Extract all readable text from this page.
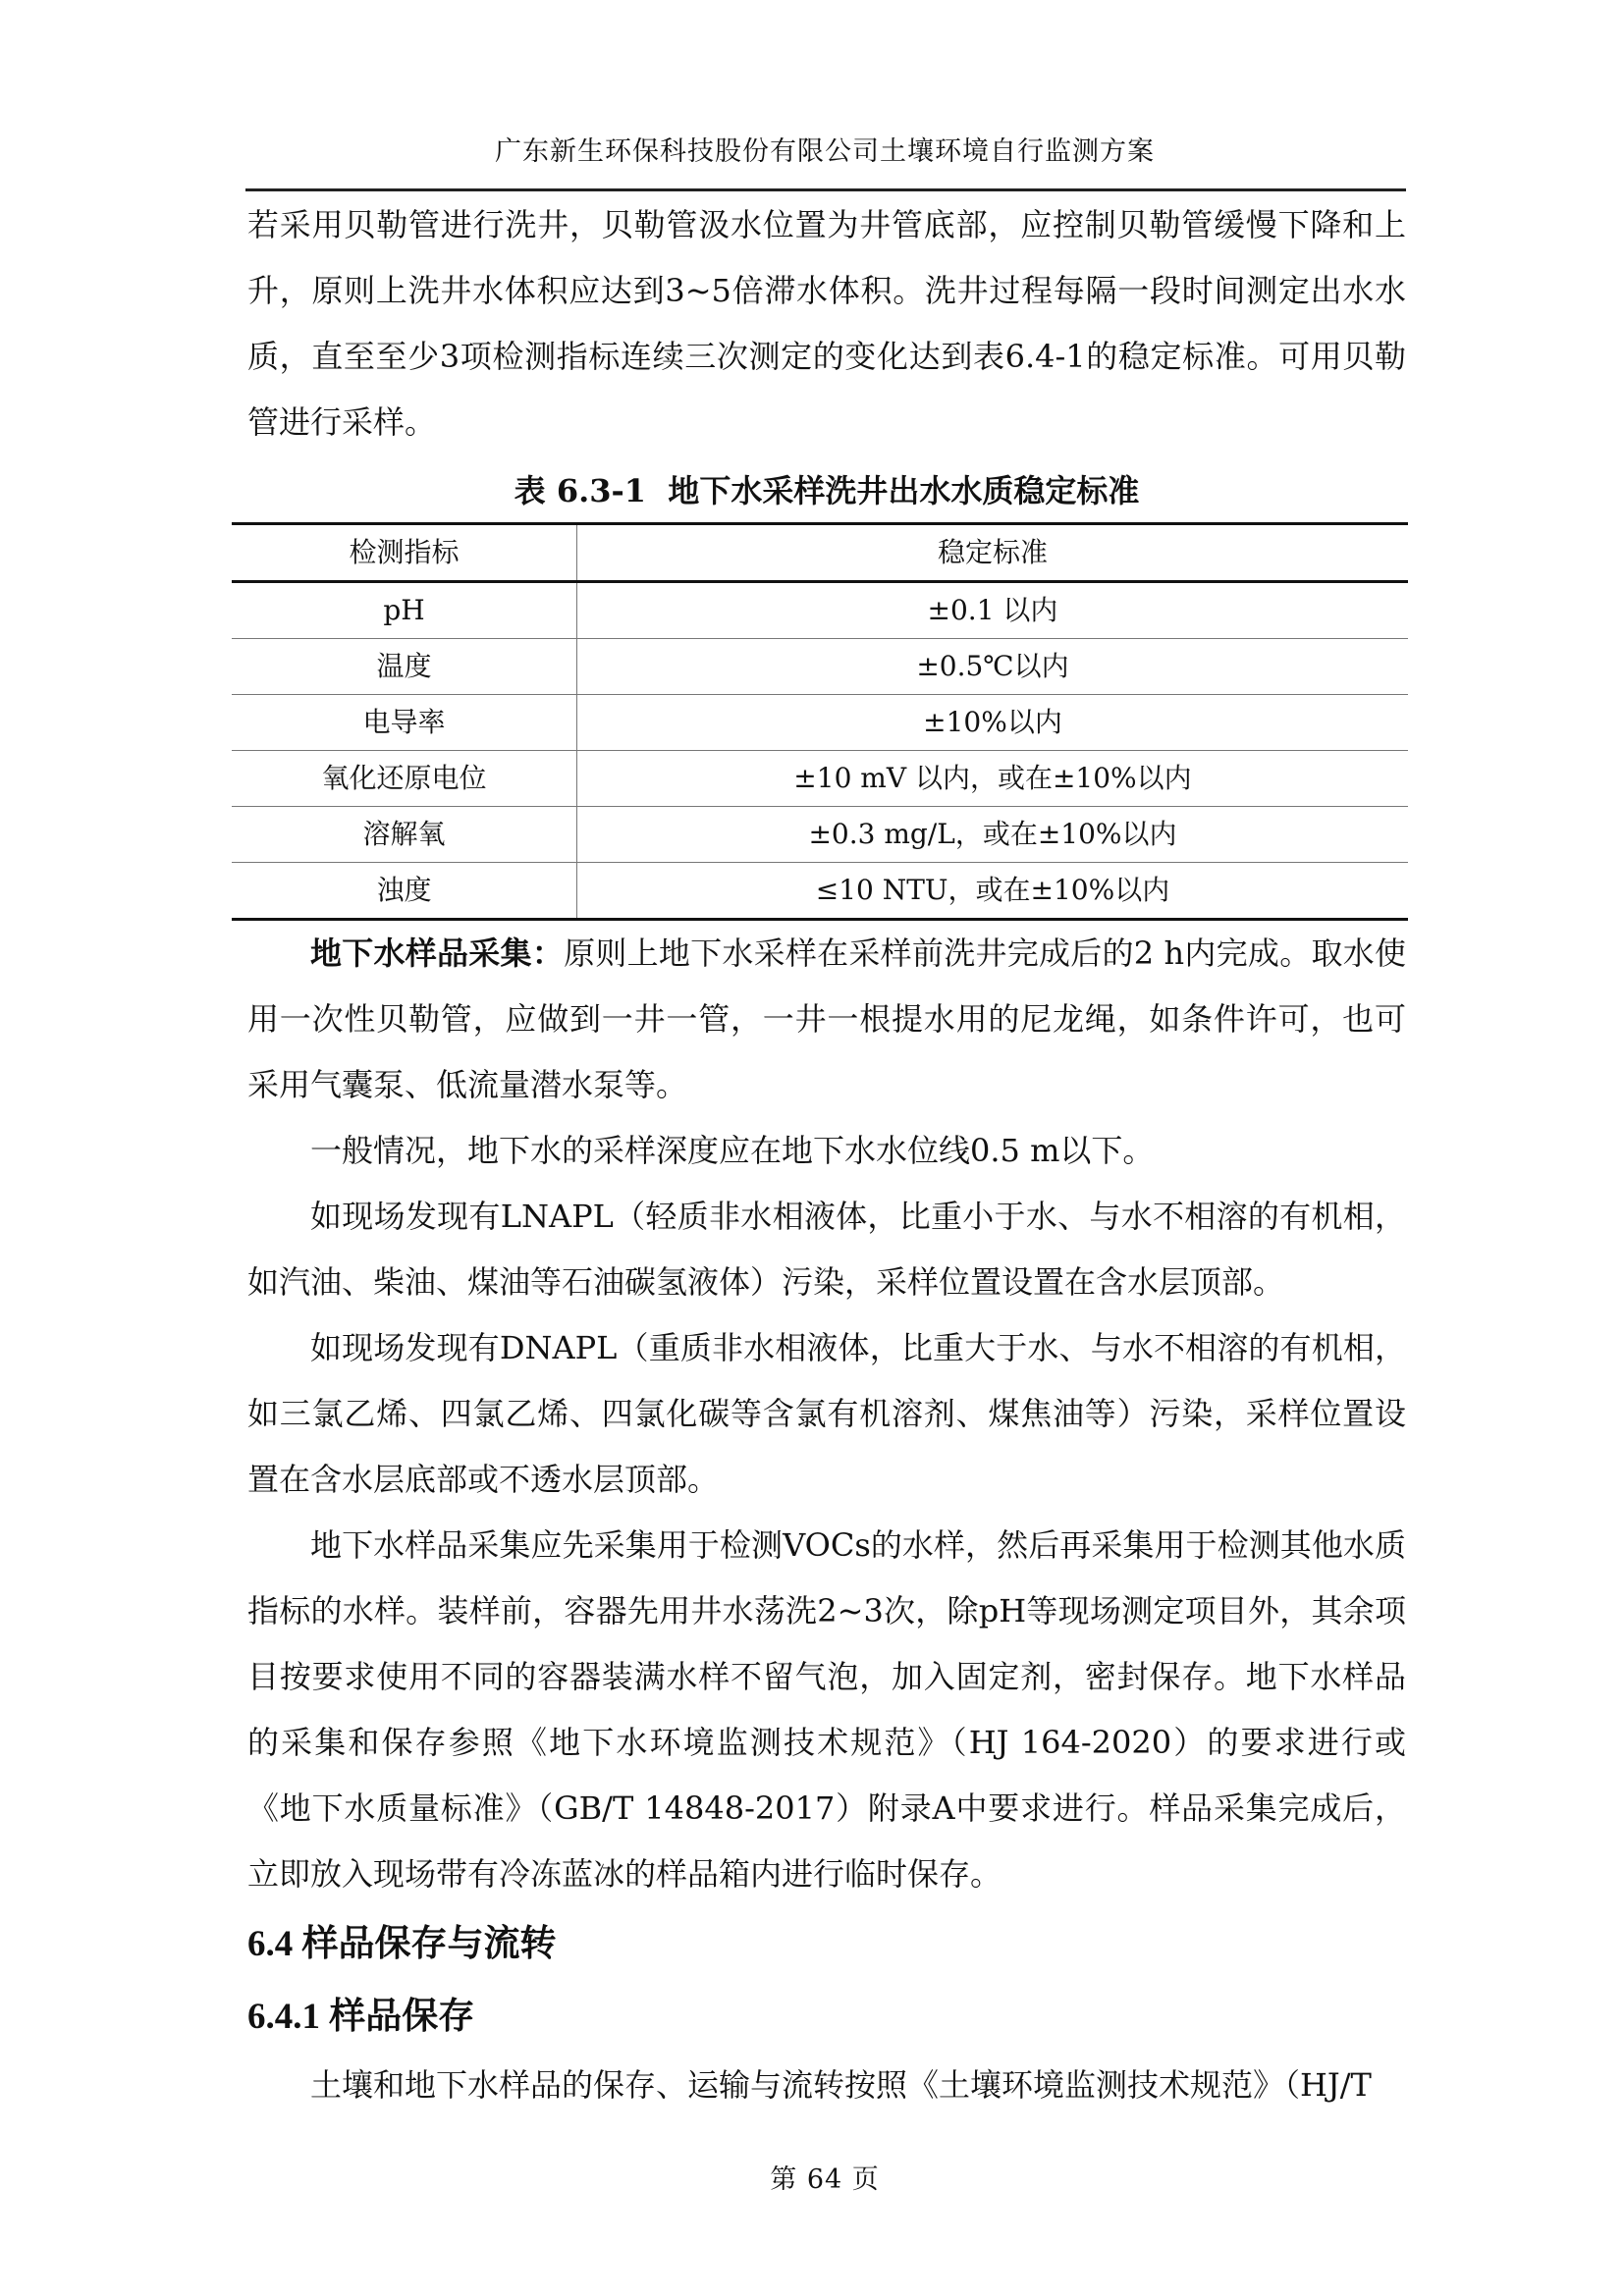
广东新生环保科技股份有限公司土壤环境自行监测方案

若采用贝勒管进行洗井，贝勒管汲水位置为井管底部，应控制贝勒管缓慢下降和上升，原则上洗井水体积应达到3~5倍滞水体积。洗井过程每隔一段时间测定出水水质，直至至少3项检测指标连续三次测定的变化达到表6.4-1的稳定标准。可用贝勒管进行采样。

表 6.3-1  地下水采样洗井出水水质稳定标准
检测指标	稳定标准
pH	±0.1 以内
温度	±0.5℃以内
电导率	±10%以内
氧化还原电位	±10 mV 以内，或在±10%以内
溶解氧	±0.3 mg/L，或在±10%以内
浊度	≤10 NTU，或在±10%以内

地下水样品采集：原则上地下水采样在采样前洗井完成后的2 h内完成。取水使用一次性贝勒管，应做到一井一管，一井一根提水用的尼龙绳，如条件许可，也可采用气囊泵、低流量潜水泵等。

一般情况，地下水的采样深度应在地下水水位线0.5 m以下。

如现场发现有LNAPL（轻质非水相液体，比重小于水、与水不相溶的有机相，如汽油、柴油、煤油等石油碳氢液体）污染，采样位置设置在含水层顶部。

如现场发现有DNAPL（重质非水相液体，比重大于水、与水不相溶的有机相，如三氯乙烯、四氯乙烯、四氯化碳等含氯有机溶剂、煤焦油等）污染，采样位置设置在含水层底部或不透水层顶部。

地下水样品采集应先采集用于检测VOCs的水样，然后再采集用于检测其他水质指标的水样。装样前，容器先用井水荡洗2~3次，除pH等现场测定项目外，其余项目按要求使用不同的容器装满水样不留气泡，加入固定剂，密封保存。地下水样品的采集和保存参照《地下水环境监测技术规范》（HJ 164-2020）的要求进行或《地下水质量标准》（GB/T 14848-2017）附录A中要求进行。样品采集完成后，立即放入现场带有冷冻蓝冰的样品箱内进行临时保存。

6.4 样品保存与流转
6.4.1 样品保存

土壤和地下水样品的保存、运输与流转按照《土壤环境监测技术规范》（HJ/T

第 64 页
